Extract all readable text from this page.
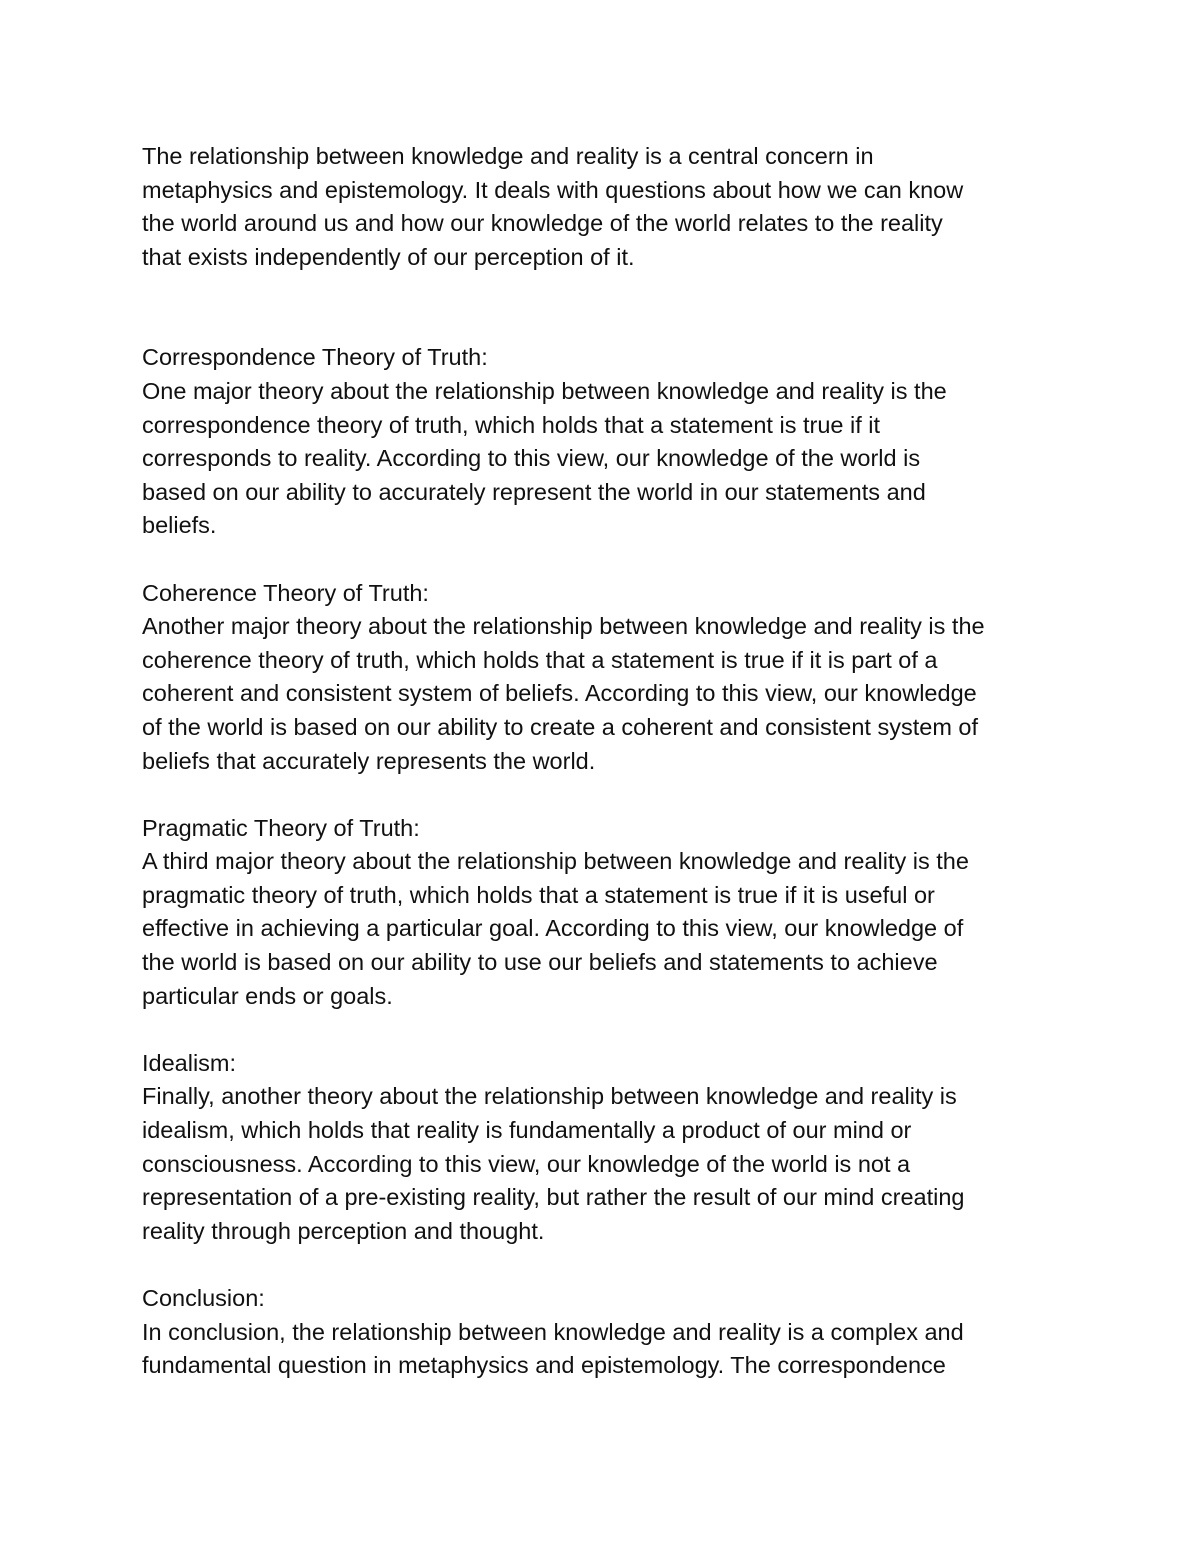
The relationship between knowledge and reality is a central concern in
metaphysics and epistemology. It deals with questions about how we can know
the world around us and how our knowledge of the world relates to the reality
that exists independently of our perception of it.

Correspondence Theory of Truth:
One major theory about the relationship between knowledge and reality is the
correspondence theory of truth, which holds that a statement is true if it
corresponds to reality. According to this view, our knowledge of the world is
based on our ability to accurately represent the world in our statements and
beliefs.
Coherence Theory of Truth:
Another major theory about the relationship between knowledge and reality is the
coherence theory of truth, which holds that a statement is true if it is part of a
coherent and consistent system of beliefs. According to this view, our knowledge
of the world is based on our ability to create a coherent and consistent system of
beliefs that accurately represents the world.
Pragmatic Theory of Truth:
A third major theory about the relationship between knowledge and reality is the
pragmatic theory of truth, which holds that a statement is true if it is useful or
effective in achieving a particular goal. According to this view, our knowledge of
the world is based on our ability to use our beliefs and statements to achieve
particular ends or goals.
Idealism:
Finally, another theory about the relationship between knowledge and reality is
idealism, which holds that reality is fundamentally a product of our mind or
consciousness. According to this view, our knowledge of the world is not a
representation of a pre-existing reality, but rather the result of our mind creating
reality through perception and thought.
Conclusion:
In conclusion, the relationship between knowledge and reality is a complex and
fundamental question in metaphysics and epistemology. The correspondence
